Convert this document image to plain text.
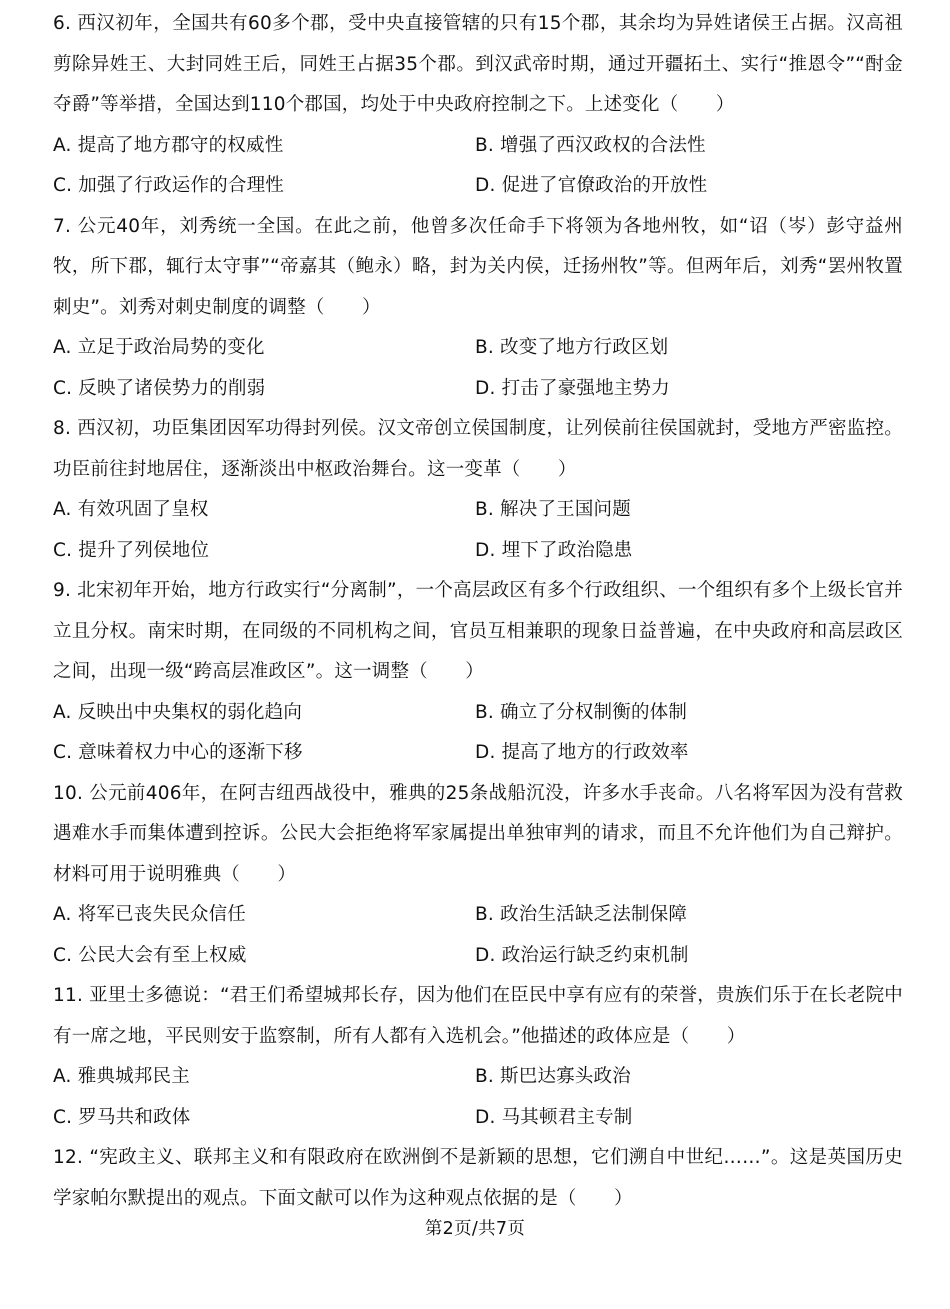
6. 西汉初年，全国共有60多个郡，受中央直接管辖的只有15个郡，其余均为异姓诸侯王占据。汉高祖剪除异姓王、大封同姓王后，同姓王占据35个郡。到汉武帝时期，通过开疆拓土、实行“推恩令”“酎金夺爵”等举措，全国达到110个郡国，均处于中央政府控制之下。上述变化（　　）

A. 提高了地方郡守的权威性	B. 增强了西汉政权的合法性
C. 加强了行政运作的合理性	D. 促进了官僚政治的开放性

7. 公元40年，刘秀统一全国。在此之前，他曾多次任命手下将领为各地州牧，如“诏（岑）彭守益州牧，所下郡，辄行太守事”“帝嘉其（鲍永）略，封为关内侯，迁扬州牧”等。但两年后，刘秀“罢州牧置刺史”。刘秀对刺史制度的调整（　　）

A. 立足于政治局势的变化	B. 改变了地方行政区划
C. 反映了诸侯势力的削弱	D. 打击了豪强地主势力

8. 西汉初，功臣集团因军功得封列侯。汉文帝创立侯国制度，让列侯前往侯国就封，受地方严密监控。功臣前往封地居住，逐渐淡出中枢政治舞台。这一变革（　　）

A. 有效巩固了皇权	B. 解决了王国问题
C. 提升了列侯地位	D. 埋下了政治隐患

9. 北宋初年开始，地方行政实行“分离制”，一个高层政区有多个行政组织、一个组织有多个上级长官并立且分权。南宋时期，在同级的不同机构之间，官员互相兼职的现象日益普遍，在中央政府和高层政区之间，出现一级“跨高层准政区”。这一调整（　　）

A. 反映出中央集权的弱化趋向	B. 确立了分权制衡的体制
C. 意味着权力中心的逐渐下移	D. 提高了地方的行政效率

10. 公元前406年，在阿吉纽西战役中，雅典的25条战船沉没，许多水手丧命。八名将军因为没有营救遇难水手而集体遭到控诉。公民大会拒绝将军家属提出单独审判的请求，而且不允许他们为自己辩护。材料可用于说明雅典（　　）

A. 将军已丧失民众信任	B. 政治生活缺乏法制保障
C. 公民大会有至上权威	D. 政治运行缺乏约束机制

11. 亚里士多德说：“君王们希望城邦长存，因为他们在臣民中享有应有的荣誉，贵族们乐于在长老院中有一席之地，平民则安于监察制，所有人都有入选机会。”他描述的政体应是（　　）

A. 雅典城邦民主	B. 斯巴达寡头政治
C. 罗马共和政体	D. 马其顿君主专制

12. “宪政主义、联邦主义和有限政府在欧洲倒不是新颖的思想，它们溯自中世纪……”。这是英国历史学家帕尔默提出的观点。下面文献可以作为这种观点依据的是（　　）

第2页/共7页
